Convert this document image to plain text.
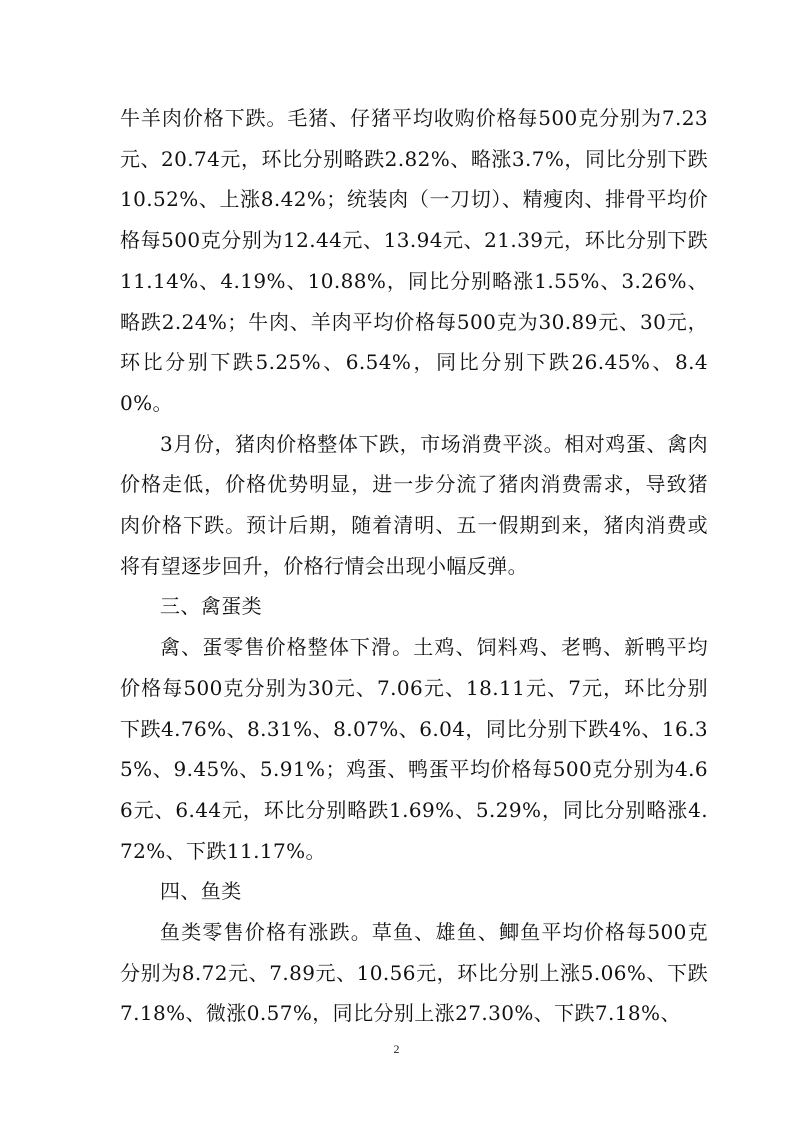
牛羊肉价格下跌。毛猪、仔猪平均收购价格每500克分别为7.23元、20.74元，环比分别略跌2.82%、略涨3.7%，同比分别下跌10.52%、上涨8.42%；统装肉（一刀切）、精瘦肉、排骨平均价格每500克分别为12.44元、13.94元、21.39元，环比分别下跌11.14%、4.19%、10.88%，同比分别略涨1.55%、3.26%、略跌2.24%；牛肉、羊肉平均价格每500克为30.89元、30元，环比分别下跌5.25%、6.54%，同比分别下跌26.45%、8.40%。

3月份，猪肉价格整体下跌，市场消费平淡。相对鸡蛋、禽肉价格走低，价格优势明显，进一步分流了猪肉消费需求，导致猪肉价格下跌。预计后期，随着清明、五一假期到来，猪肉消费或将有望逐步回升，价格行情会出现小幅反弹。

三、禽蛋类

禽、蛋零售价格整体下滑。土鸡、饲料鸡、老鸭、新鸭平均价格每500克分别为30元、7.06元、18.11元、7元，环比分别下跌4.76%、8.31%、8.07%、6.04，同比分别下跌4%、16.35%、9.45%、5.91%；鸡蛋、鸭蛋平均价格每500克分别为4.66元、6.44元，环比分别略跌1.69%、5.29%，同比分别略涨4.72%、下跌11.17%。

四、鱼类

鱼类零售价格有涨跌。草鱼、雄鱼、鲫鱼平均价格每500克分别为8.72元、7.89元、10.56元，环比分别上涨5.06%、下跌7.18%、微涨0.57%，同比分别上涨27.30%、下跌7.18%、

2
